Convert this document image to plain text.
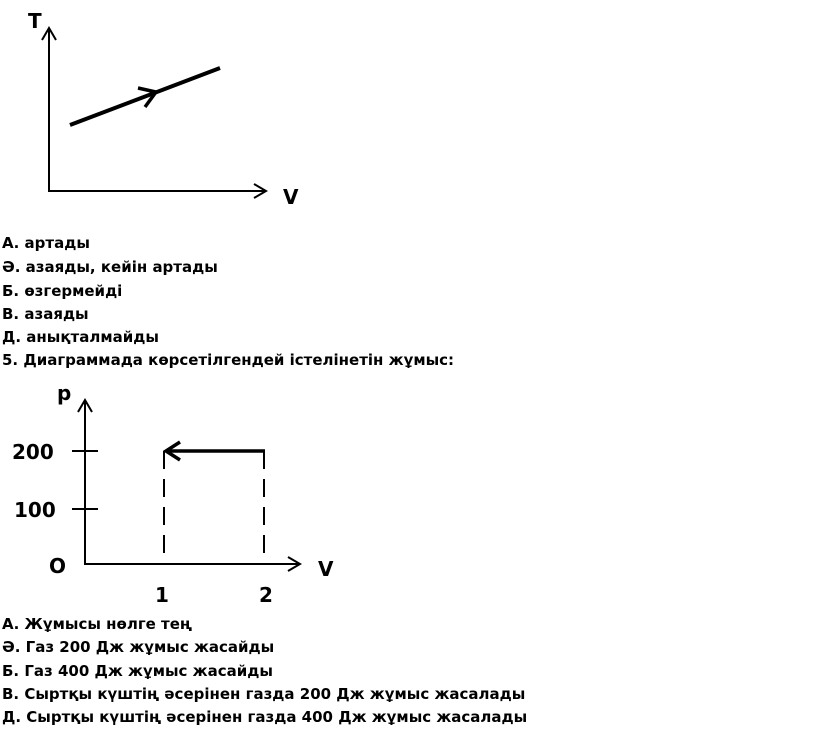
T
V
А. артады
Ә. азаяды, кейін артады
Б. өзгермейді
В. азаяды
Д. анықталмайды
5. Диаграммада көрсетілгендей істелінетін жұмыс:
200
100
p
O	V
1	2
А. Жұмысы нөлге тең
Ә. Газ 200 Дж жұмыс жасайды
Б. Газ 400 Дж жұмыс жасайды
В. Сыртқы күштің әсерінен газда 200 Дж жұмыс жасалады
Д. Сыртқы күштің әсерінен газда 400 Дж жұмыс жасалады
